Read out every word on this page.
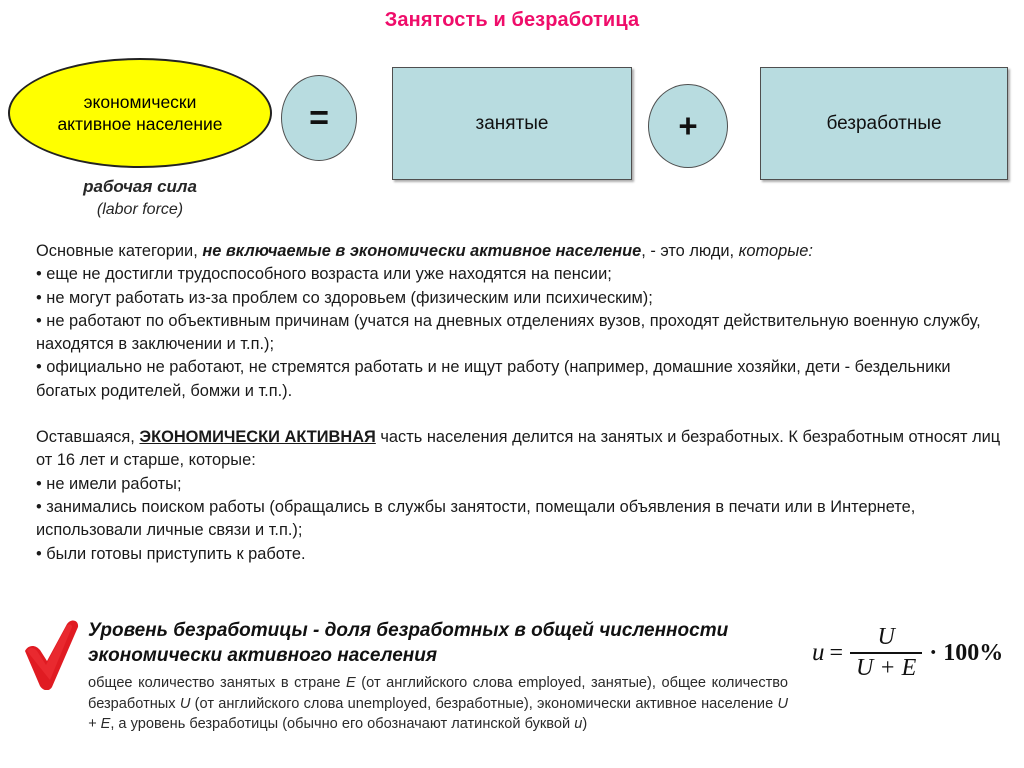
Занятость и безработица
экономически
активное население
рабочая сила
(labor force)
=	занятые	+	безработные

Основные категории, не включаемые в экономически активное население, - это люди, которые:

• еще не достигли трудоспособного возраста или уже находятся на пенсии;

• не могут работать из-за проблем со здоровьем (физическим или психическим);

• не работают по объективным причинам (учатся на дневных отделениях вузов, проходят действительную военную службу, находятся в заключении и т.п.);

• официально не работают, не стремятся работать и не ищут работу (например, домашние хозяйки, дети - бездельники богатых родителей, бомжи и т.п.).

Оставшаяся, ЭКОНОМИЧЕСКИ АКТИВНАЯ часть населения делится на занятых и безработных. К безработным относят лиц от 16 лет и старше, которые:

• не имели работы;

• занимались поиском работы (обращались в службы занятости, помещали объявления в печати или в Интернете, использовали личные связи и т.п.);

• были готовы приступить к работе.

Уровень безработицы - доля безработных в общей численности экономически активного населения
общее количество занятых в стране E (от английского слова employed, занятые), общее количество безработных U (от английского слова unemployed, безработные), экономически активное население U + E, а уровень безработицы (обычно его обозначают латинской буквой u)
$u = \frac{U}{U + E} \cdot 100\%$
